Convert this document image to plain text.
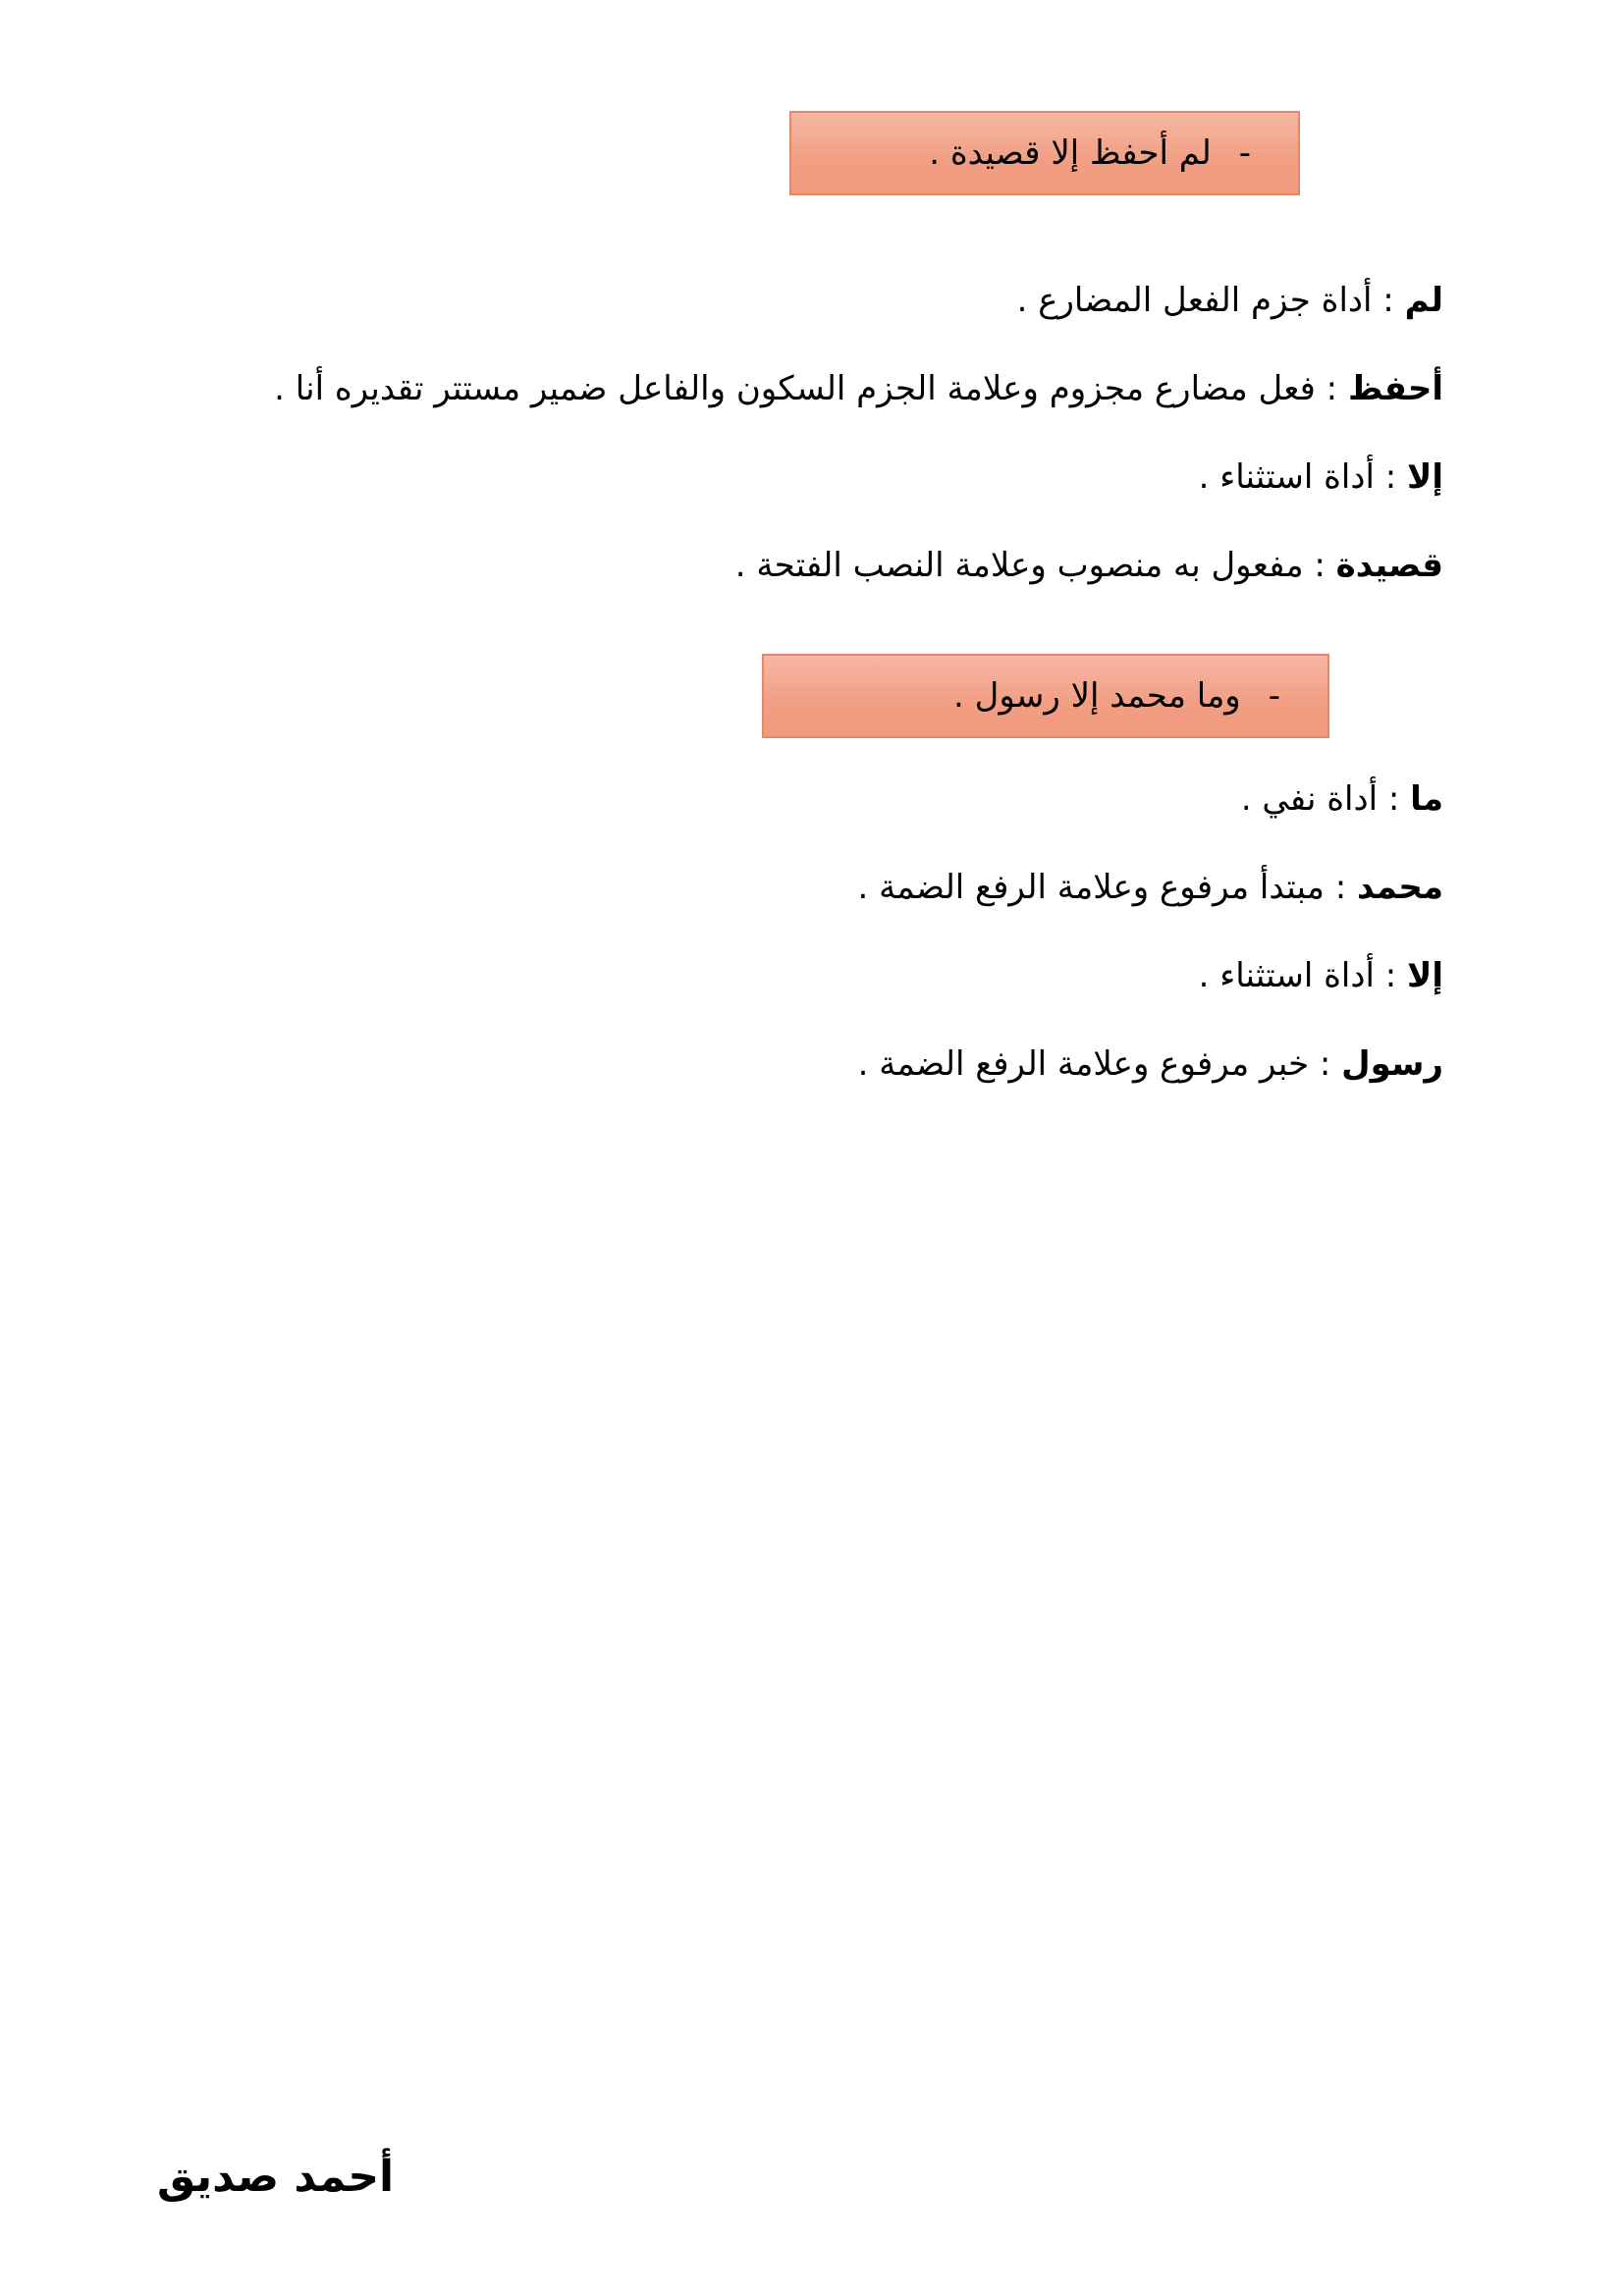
-
لم أحفظ إلا قصيدة .
لم : أداة جزم الفعل المضارع .
أحفظ : فعل مضارع مجزوم وعلامة الجزم السكون والفاعل ضمير مستتر تقديره أنا .
إلا : أداة استثناء .
قصيدة : مفعول به منصوب وعلامة النصب الفتحة .
-
وما محمد إلا رسول .
ما : أداة نفي .
محمد : مبتدأ مرفوع وعلامة الرفع الضمة .
إلا : أداة استثناء .
رسول : خبر مرفوع وعلامة الرفع الضمة .
أحمد صديق
